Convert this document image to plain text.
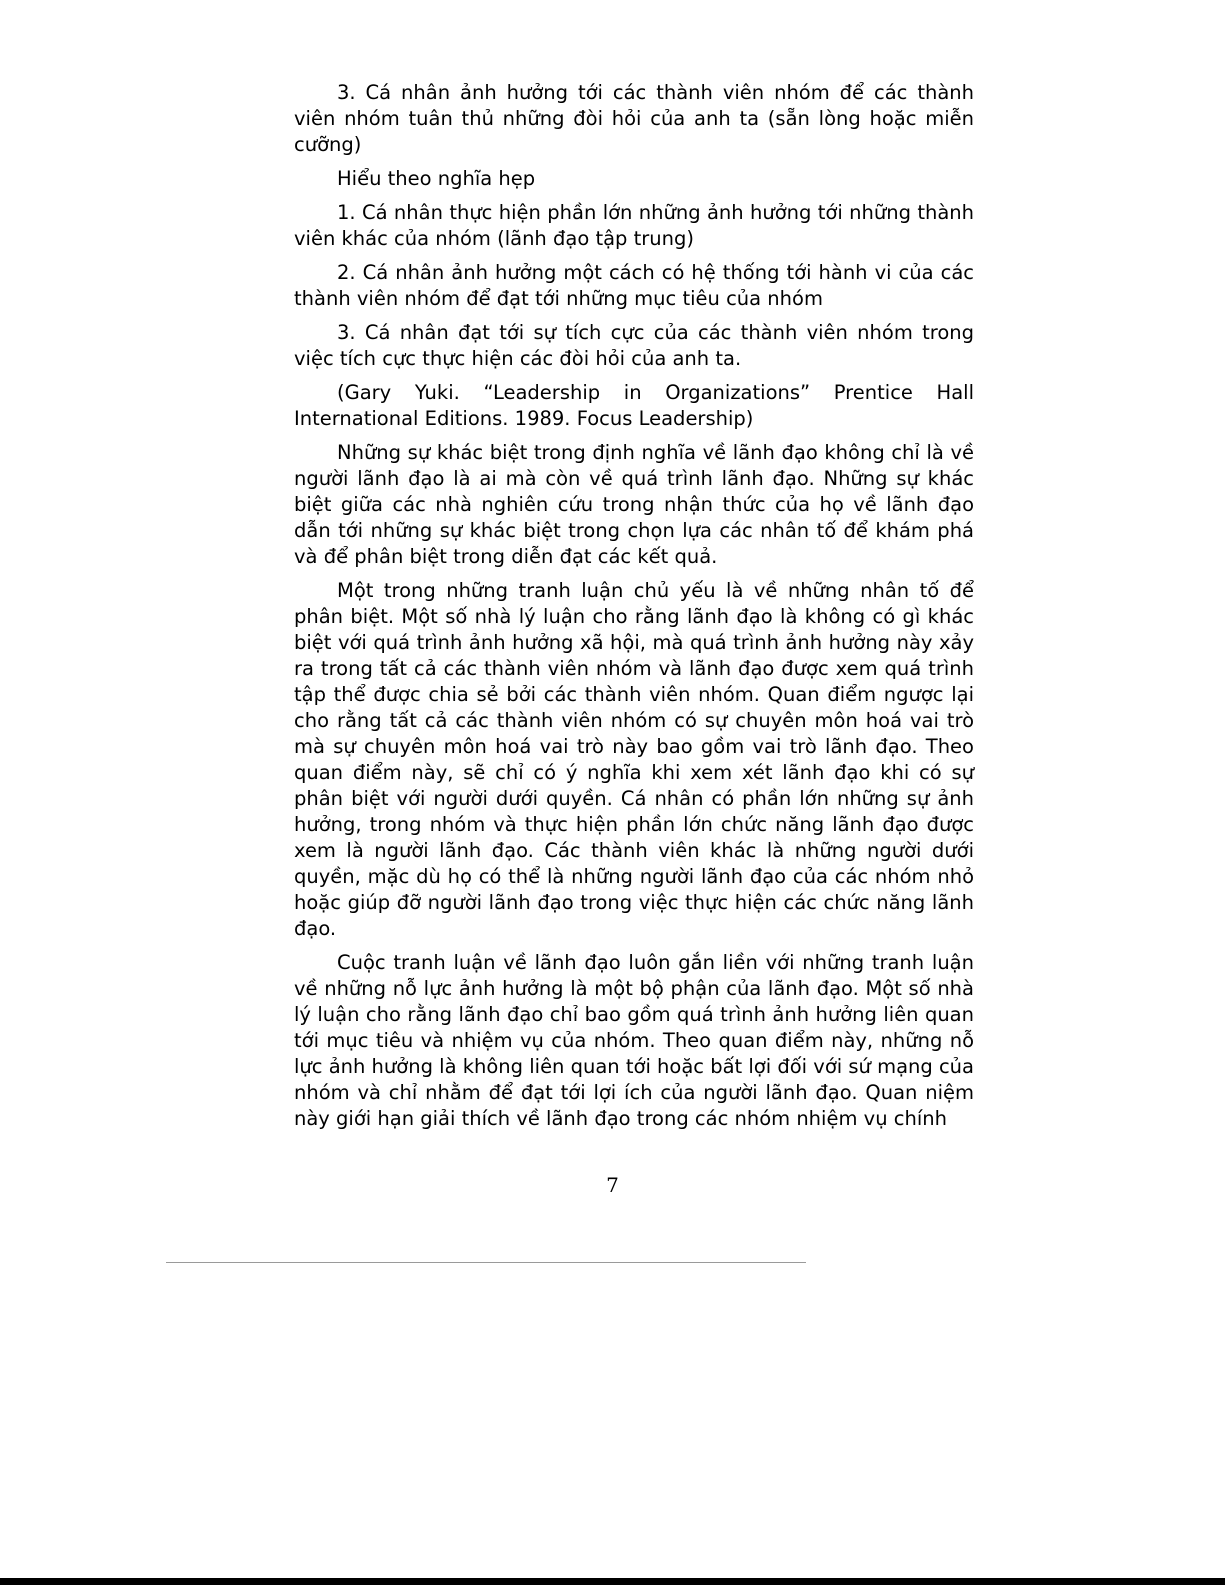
3. Cá nhân ảnh hưởng tới các thành viên nhóm để các thành viên nhóm tuân thủ những đòi hỏi của anh ta (sẵn lòng hoặc miễn cưỡng)

Hiểu theo nghĩa hẹp

1. Cá nhân thực hiện phần lớn những ảnh hưởng tới những thành viên khác của nhóm (lãnh đạo tập trung)

2. Cá nhân ảnh hưởng một cách có hệ thống tới hành vi của các thành viên nhóm để đạt tới những mục tiêu của nhóm

3. Cá nhân đạt tới sự tích cực của các thành viên nhóm trong việc tích cực thực hiện các đòi hỏi của anh ta.

(Gary Yuki. “Leadership in Organizations” Prentice Hall International Editions. 1989. Focus Leadership)

Những sự khác biệt trong định nghĩa về lãnh đạo không chỉ là về người lãnh đạo là ai mà còn về quá trình lãnh đạo. Những sự khác biệt giữa các nhà nghiên cứu trong nhận thức của họ về lãnh đạo dẫn tới những sự khác biệt trong chọn lựa các nhân tố để khám phá và để phân biệt trong diễn đạt các kết quả.

Một trong những tranh luận chủ yếu là về những nhân tố để phân biệt. Một số nhà lý luận cho rằng lãnh đạo là không có gì khác biệt với quá trình ảnh hưởng xã hội, mà quá trình ảnh hưởng này xảy ra trong tất cả các thành viên nhóm và lãnh đạo được xem quá trình tập thể được chia sẻ bởi các thành viên nhóm. Quan điểm ngược lại cho rằng tất cả các thành viên nhóm có sự chuyên môn hoá vai trò mà sự chuyên môn hoá vai trò này bao gồm vai trò lãnh đạo. Theo quan điểm này, sẽ chỉ có ý nghĩa khi xem xét lãnh đạo khi có sự phân biệt với người dưới quyền. Cá nhân có phần lớn những sự ảnh hưởng, trong nhóm và thực hiện phần lớn chức năng lãnh đạo được xem là người lãnh đạo. Các thành viên khác là những người dưới quyền, mặc dù họ có thể là những người lãnh đạo của các nhóm nhỏ hoặc giúp đỡ người lãnh đạo trong việc thực hiện các chức năng lãnh đạo.

Cuộc tranh luận về lãnh đạo luôn gắn liền với những tranh luận về những nỗ lực ảnh hưởng là một bộ phận của lãnh đạo. Một số nhà lý luận cho rằng lãnh đạo chỉ bao gồm quá trình ảnh hưởng liên quan tới mục tiêu và nhiệm vụ của nhóm. Theo quan điểm này, những nỗ lực ảnh hưởng là không liên quan tới hoặc bất lợi đối với sứ mạng của nhóm và chỉ nhằm để đạt tới lợi ích của người lãnh đạo. Quan niệm này giới hạn giải thích về lãnh đạo trong các nhóm nhiệm vụ chính

7
